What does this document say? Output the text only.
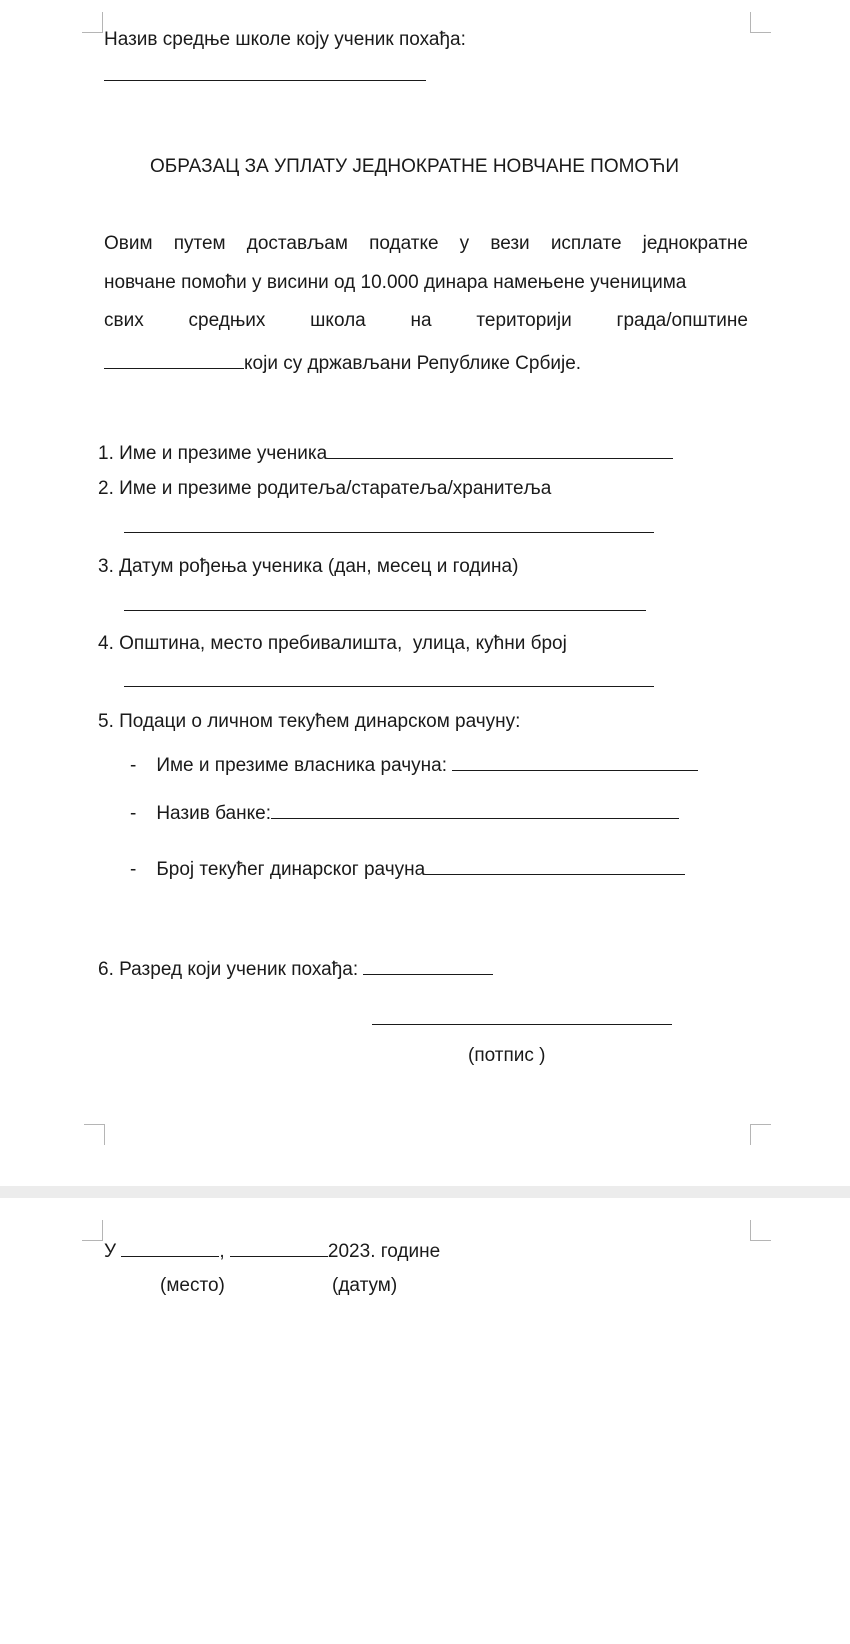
Назив средње школе коју ученик похађа:
ОБРАЗАЦ ЗА УПЛАТУ ЈЕДНОКРАТНЕ НОВЧАНЕ ПОМОЋИ
Овим путем достављам податке у вези исплате једнократне
новчане помоћи у висини од 10.000 динара намењене ученицима
свих средњих школа на територији града/општине
који су држављани Републике Србије.
1. Име и презиме ученика
2. Име и презиме родитеља/старатеља/хранитеља
3. Датум рођења ученика (дан, месец и година)
4. Општина, место пребивалишта,  улица, кућни број
5. Подаци о личном текућем динарском рачуну:
- Име и презиме власника рачуна:
- Назив банке:
- Број текућег динарског рачуна
6. Разред који ученик похађа:
(потпис )
У	,	2023. године
(место)	(датум)
